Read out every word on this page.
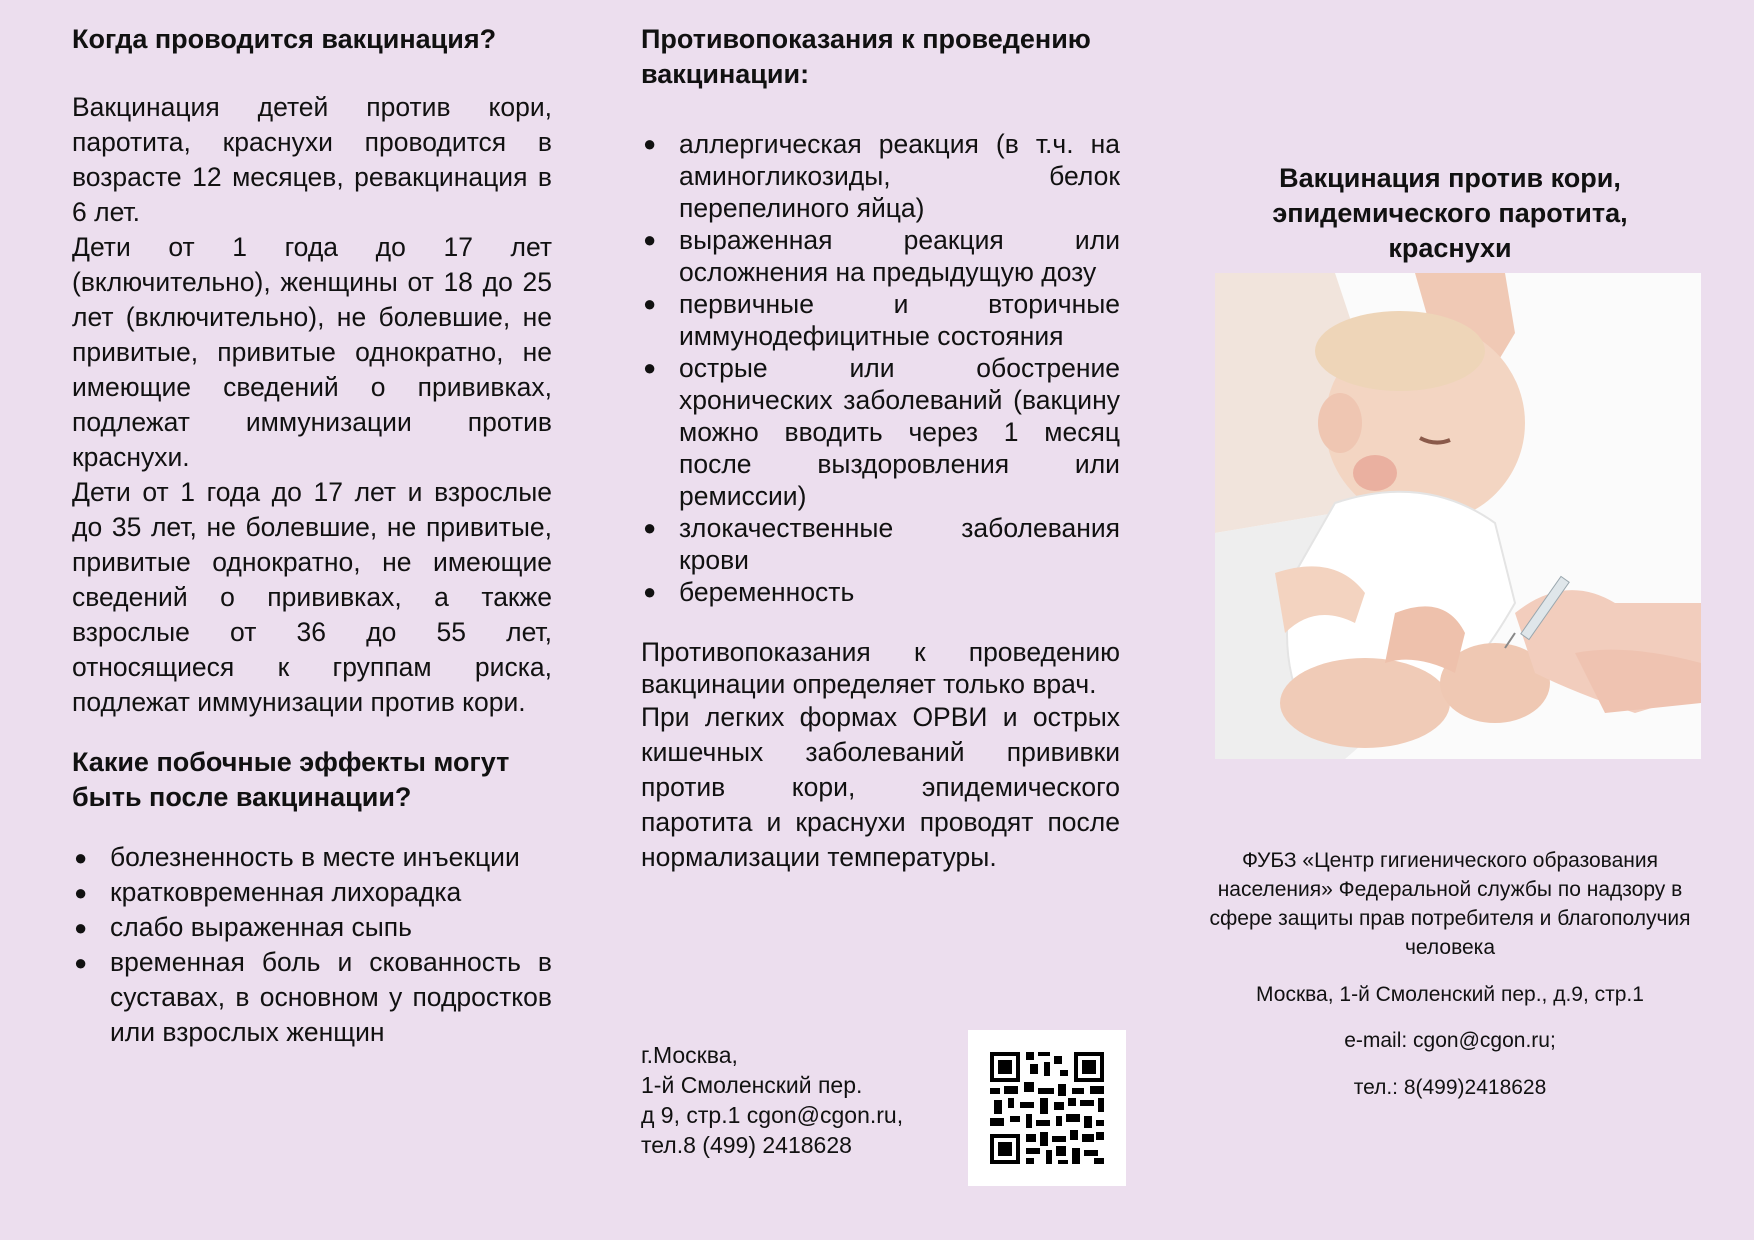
Когда проводится вакцинация?

Вакцинация детей против кори, паротита, краснухи проводится в возрасте 12 месяцев, ревакцинация в 6 лет.

Дети от 1 года до 17 лет (включительно), женщины от 18 до 25 лет (включительно), не болевшие, не привитые, привитые однократно, не имеющие сведений о прививках, подлежат иммунизации против краснухи.

Дети от 1 года до 17 лет и взрослые до 35 лет, не болевшие, не привитые, привитые однократно, не имеющие сведений о прививках, а также взрослые от 36 до 55 лет, относящиеся к группам риска, подлежат иммунизации против кори.

Какие побочные эффекты могут быть после вакцинации?
● болезненность в месте инъекции
● кратковременная лихорадка
● слабо выраженная сыпь
● временная боль и скованность в суставах, в основном у подростков или взрослых женщин
Противопоказания к проведению вакцинации:
● аллергическая реакция (в т.ч. на аминогликозиды, белок перепелиного яйца)
● выраженная реакция или осложнения на предыдущую дозу
● первичные и вторичные иммунодефицитные состояния
● острые или обострение хронических заболеваний (вакцину можно вводить через 1 месяц после выздоровления или ремиссии)
● злокачественные заболевания крови
● беременность

Противопоказания к проведению вакцинации определяет только врач.

При легких формах ОРВИ и острых кишечных заболеваний прививки против кори, эпидемического паротита и краснухи проводят после нормализации температуры.

г.Москва,
1-й Смоленский пер.
д 9, стр.1 cgon@cgon.ru,
тел.8 (499) 2418628
Вакцинация против кори, эпидемического паротита, краснухи

ФУБЗ «Центр гигиенического образования населения» Федеральной службы по надзору в сфере защиты прав потребителя и благополучия человека

Москва, 1-й Смоленский пер., д.9, стр.1

e-mail: cgon@cgon.ru;

тел.: 8(499)2418628
